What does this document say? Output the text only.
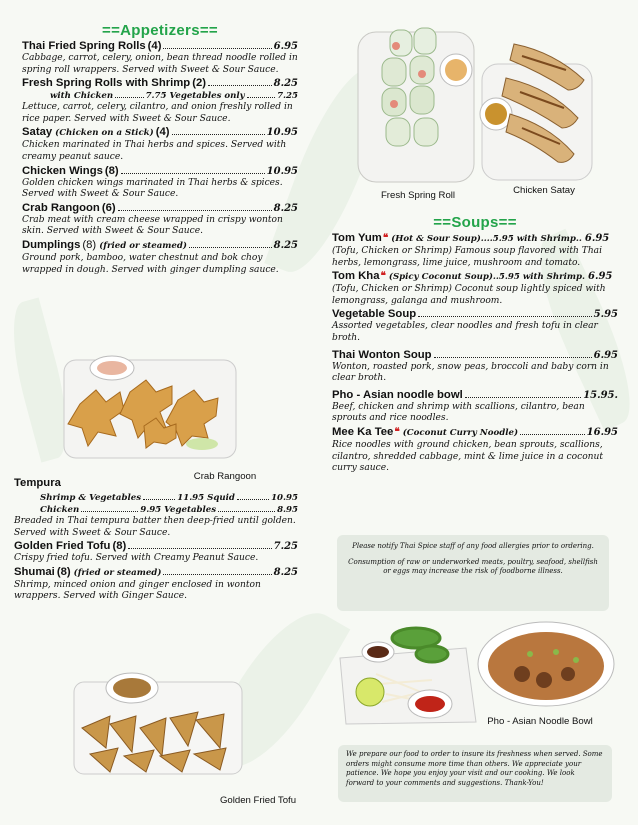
==Appetizers==
Thai Fried Spring Rolls (4)	6.95
Cabbage, carrot, celery, onion, bean thread noodle rolled in spring roll wrappers. Served with Sweet & Sour Sauce.
Fresh Spring Rolls with Shrimp (2)	8.25
with Chicken	7.75 Vegetables only	7.25
Lettuce, carrot, celery, cilantro, and onion freshly rolled in rice paper. Served with Sweet & Sour Sauce.
Satay (Chicken on a Stick) (4)	10.95
Chicken marinated in Thai herbs and spices. Served with creamy peanut sauce.
Chicken Wings (8)	10.95
Golden chicken wings marinated in Thai herbs & spices. Served with Sweet & Sour Sauce.
Crab Rangoon (6)	8.25
Crab meat with cream cheese wrapped in crispy wonton skin. Served with Sweet & Sour Sauce.
Dumplings (8) (fried or steamed)	8.25
Ground pork, bamboo, water chestnut and bok choy wrapped in dough. Served with ginger dumpling sauce.
Crab Rangoon
Tempura
Shrimp & Vegetables	11.95 Squid	10.95
Chicken	9.95 Vegetables	8.95
Breaded in Thai tempura batter then deep-fried until golden. Served with Sweet & Sour Sauce.
Golden Fried Tofu (8)	7.25
Crispy fried tofu. Served with Creamy Peanut Sauce.
Shumai (8) (fried or steamed)	8.25
Shrimp, minced onion and ginger enclosed in wonton wrappers. Served with Ginger Sauce.
Golden Fried Tofu
Fresh Spring Roll	Chicken Satay
==Soups==
Tom Yum ❝ (Hot & Sour Soup)....5.95 with Shrimp.. 6.95
(Tofu, Chicken or Shrimp) Famous soup flavored with Thai herbs, lemongrass, lime juice, mushroom and tomato.
Tom Kha ❝ (Spicy Coconut Soup)..5.95 with Shrimp. 6.95
(Tofu, Chicken or Shrimp) Coconut soup lightly spiced with lemongrass, galanga and mushroom.
Vegetable Soup	5.95
Assorted vegetables, clear noodles and fresh tofu in clear broth.
Thai Wonton Soup	6.95
Wonton, roasted pork, snow peas, broccoli and baby corn in clear broth.
Pho - Asian noodle bowl	15.95.
Beef, chicken and shrimp with scallions, cilantro, bean sprouts and rice noodles.
Mee Ka Tee ❝ (Coconut Curry Noodle)	16.95
Rice noodles with ground chicken, bean sprouts, scallions, cilantro, shredded cabbage, mint & lime juice in a coconut curry sauce.

Please notify Thai Spice staff of any food allergies prior to ordering.

Consumption of raw or underworked meats, poultry, seafood, shellfish or eggs may increase the risk of foodborne illness.

Pho - Asian Noodle Bowl
We prepare our food to order to insure its freshness when served. Some orders might consume more time than others. We appreciate your patience. We hope you enjoy your visit and our cooking. We look forward to your comments and suggestions. Thank-You!
